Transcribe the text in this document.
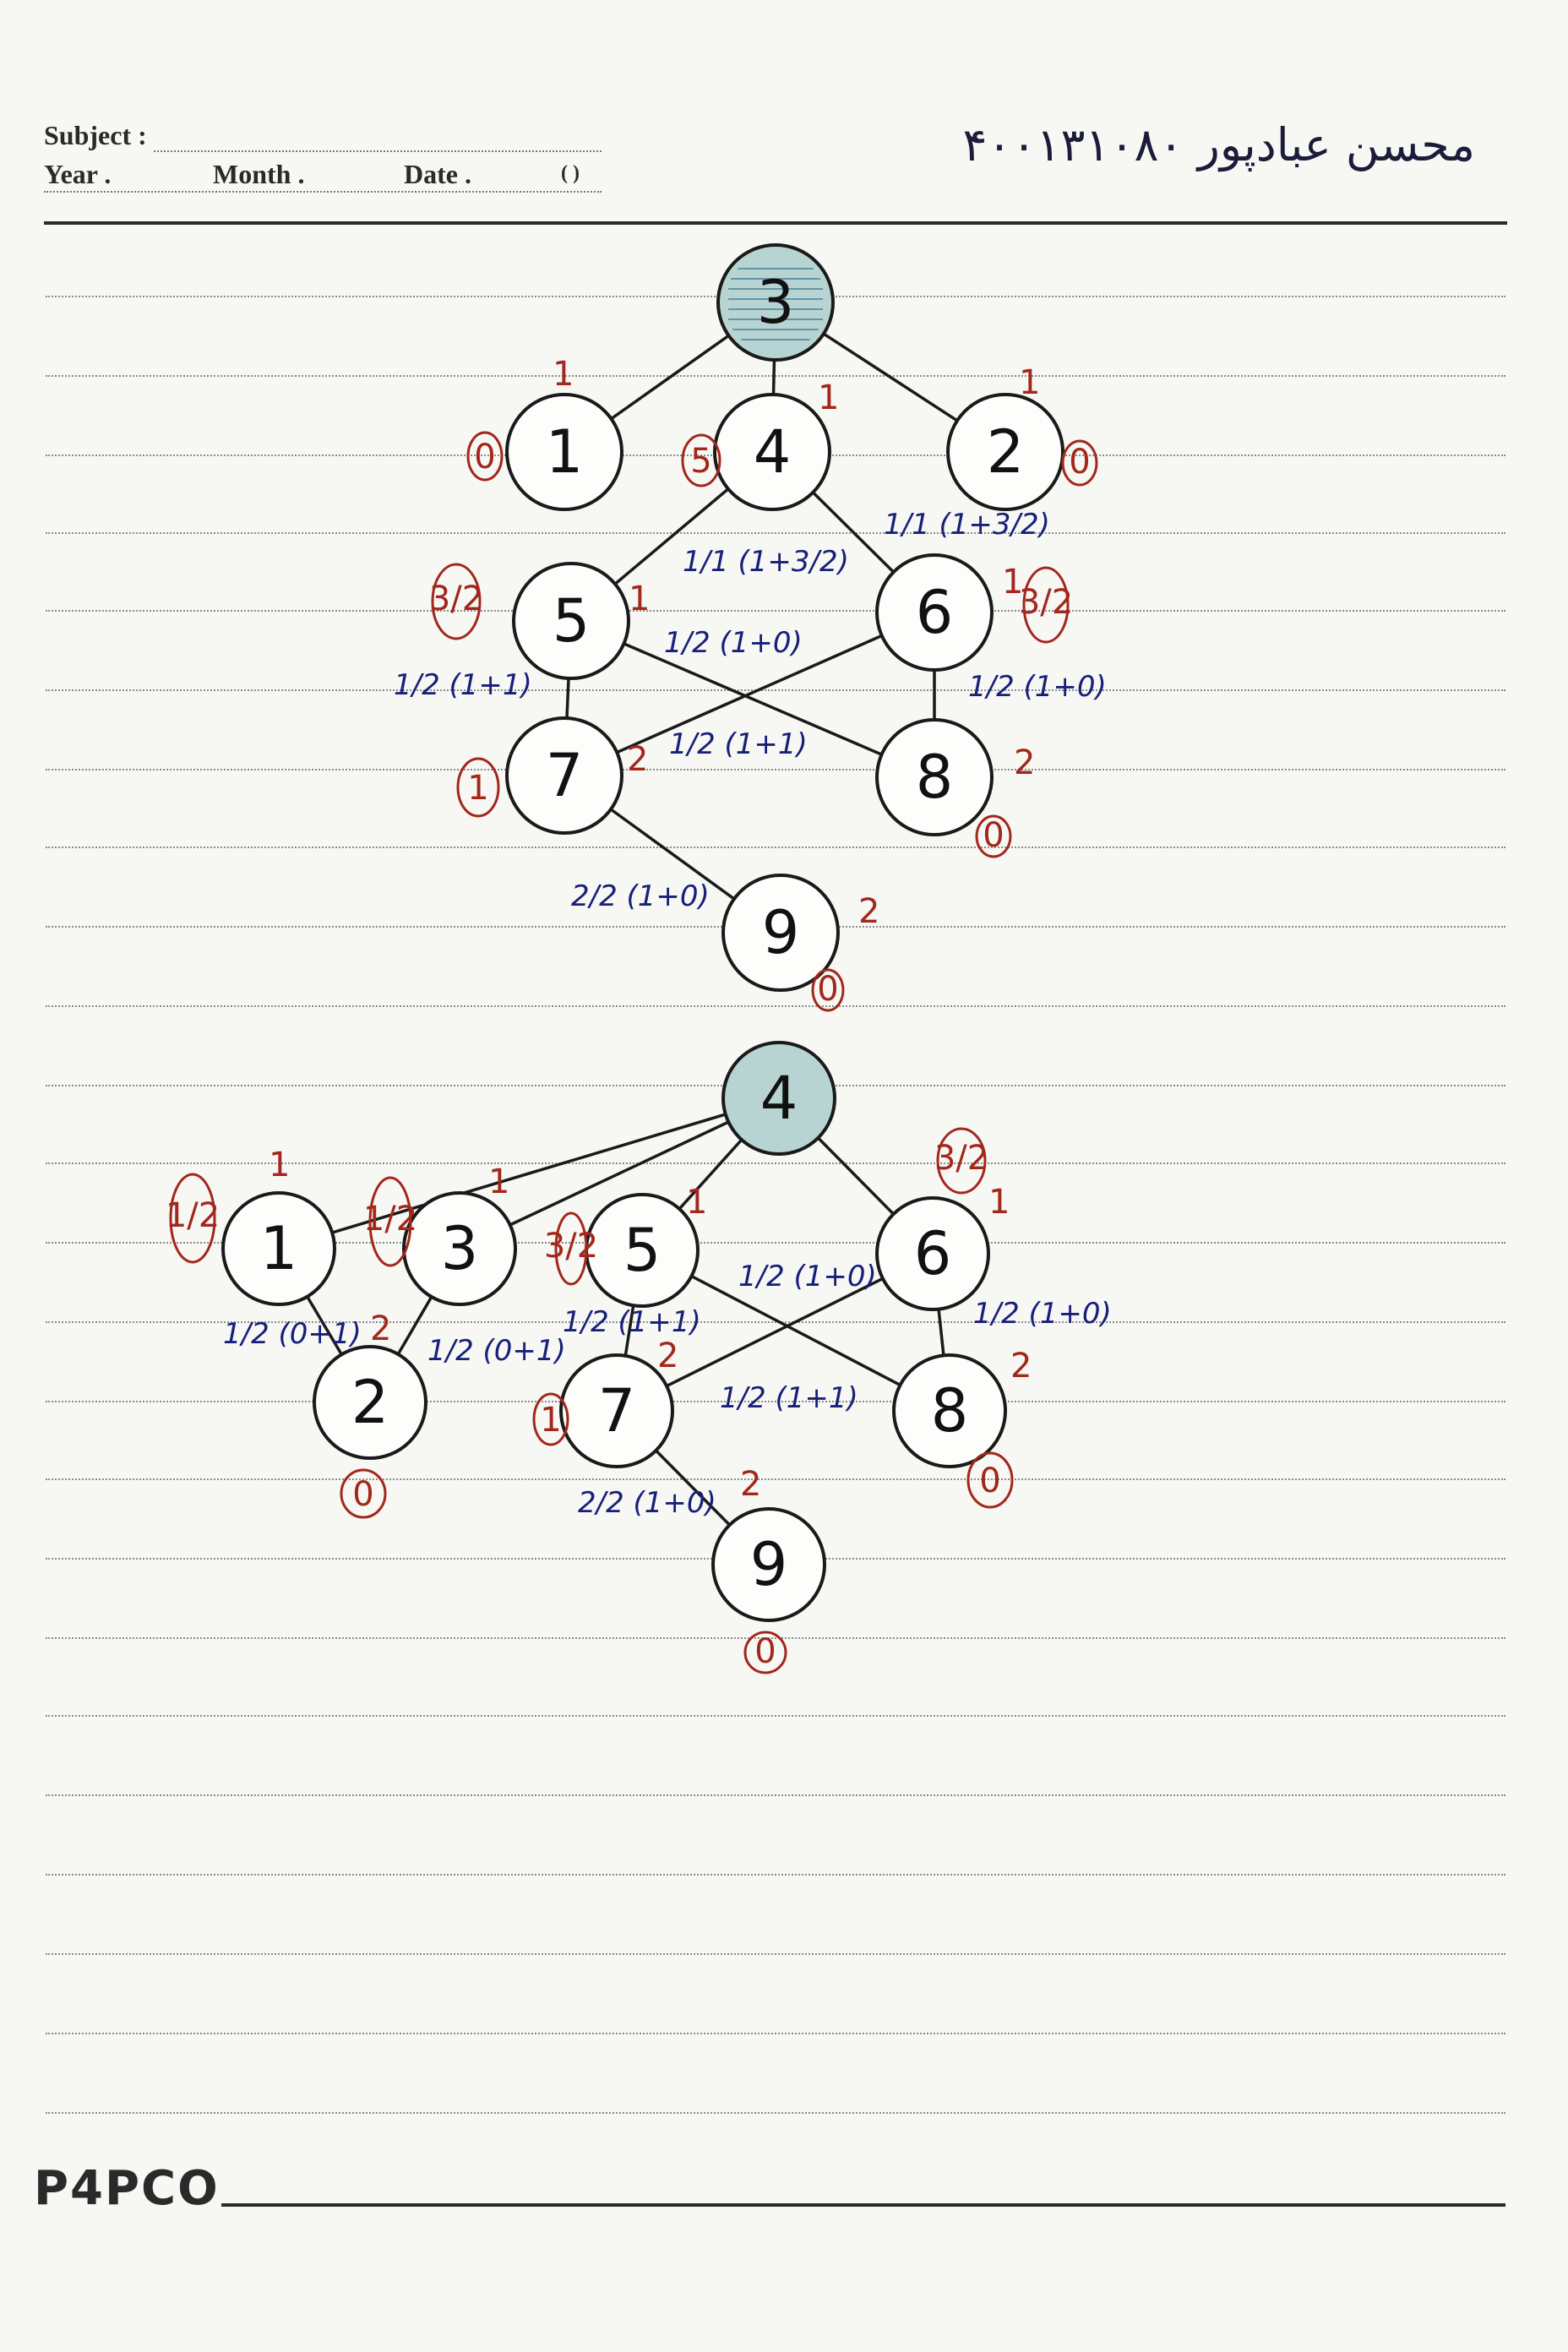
Subject :
Year .	Month .	Date .	( )
محسن عبادپور ۴۰۰۱۳۱۰۸۰
P4PCO
3
1	4	2
5	6
7	8
9
0	5	0
3/2	3/2
1
0
0
1
1	1
1	1
2	2
2
1/1 (1+3/2)
1/1 (1+3/2)
1/2 (1+0)
1/2 (1+1)	1/2 (1+0)
1/2 (1+1)
2/2 (1+0)
4
1 3 5	6
2	7	8
9
1/2	1/2
3/2
3/2
0
1
0
0
1	1
1	1
2
2	2
2
1/2 (0+1) 1/2 (0+1)
1/2 (1+0)
1/2 (1+1)	1/2 (1+0)
1/2 (1+1)
2/2 (1+0)
